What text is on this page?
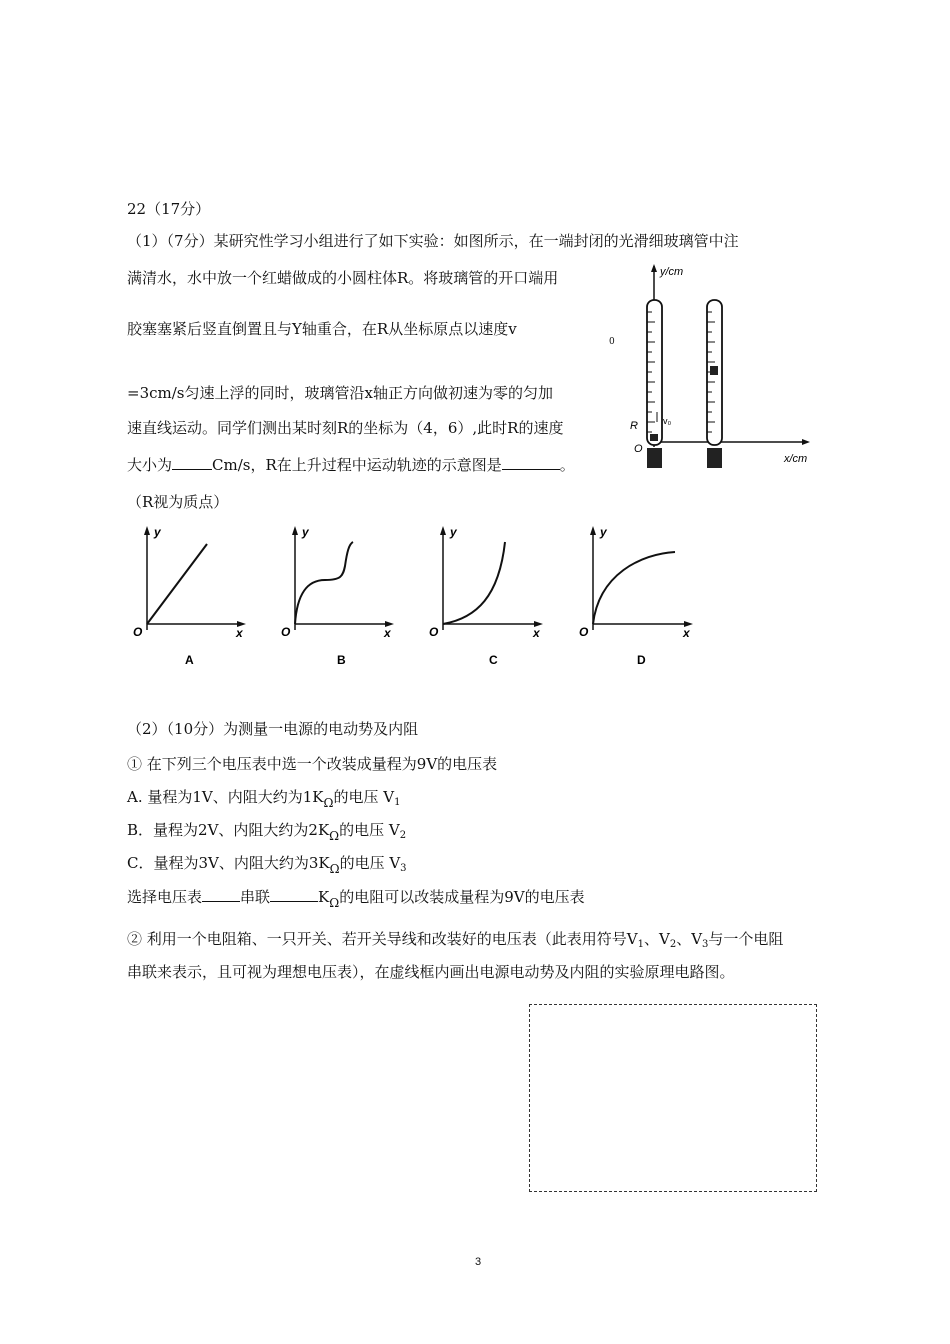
22（17分）
（1）（7分）某研究性学习小组进行了如下实验：如图所示，在一端封闭的光滑细玻璃管中注
满清水，水中放一个红蜡做成的小圆柱体R。将玻璃管的开口端用
胶塞塞紧后竖直倒置且与Y轴重合，在R从坐标原点以速度v
0
=3cm/s匀速上浮的同时，玻璃管沿x轴正方向做初速为零的匀加
速直线运动。同学们测出某时刻R的坐标为（4，6）,此时R的速度
大小为	Cm/s，R在上升过程中运动轨迹的示意图是	。
（R视为质点）
y/cm
x/cm
O
R	v₀
y
O	x
A
y
O	x
B
y
O	x
C
y
O	x
D
（2）（10分）为测量一电源的电动势及内阻
① 在下列三个电压表中选一个改装成量程为9V的电压表
A. 量程为1V、内阻大约为$1K_\Omega$的电压 $V_1$
B．量程为2V、内阻大约为$2K_\Omega$的电压 $V_2$
C．量程为3V、内阻大约为$3K_\Omega$的电压 $V_3$
选择电压表	串联	$K_\Omega$的电阻可以改装成量程为9V的电压表
② 利用一个电阻箱、一只开关、若开关导线和改装好的电压表（此表用符号$V_1$、$V_2$、$V_3$与一个电阻
串联来表示，且可视为理想电压表），在虚线框内画出电源电动势及内阻的实验原理电路图。
3
